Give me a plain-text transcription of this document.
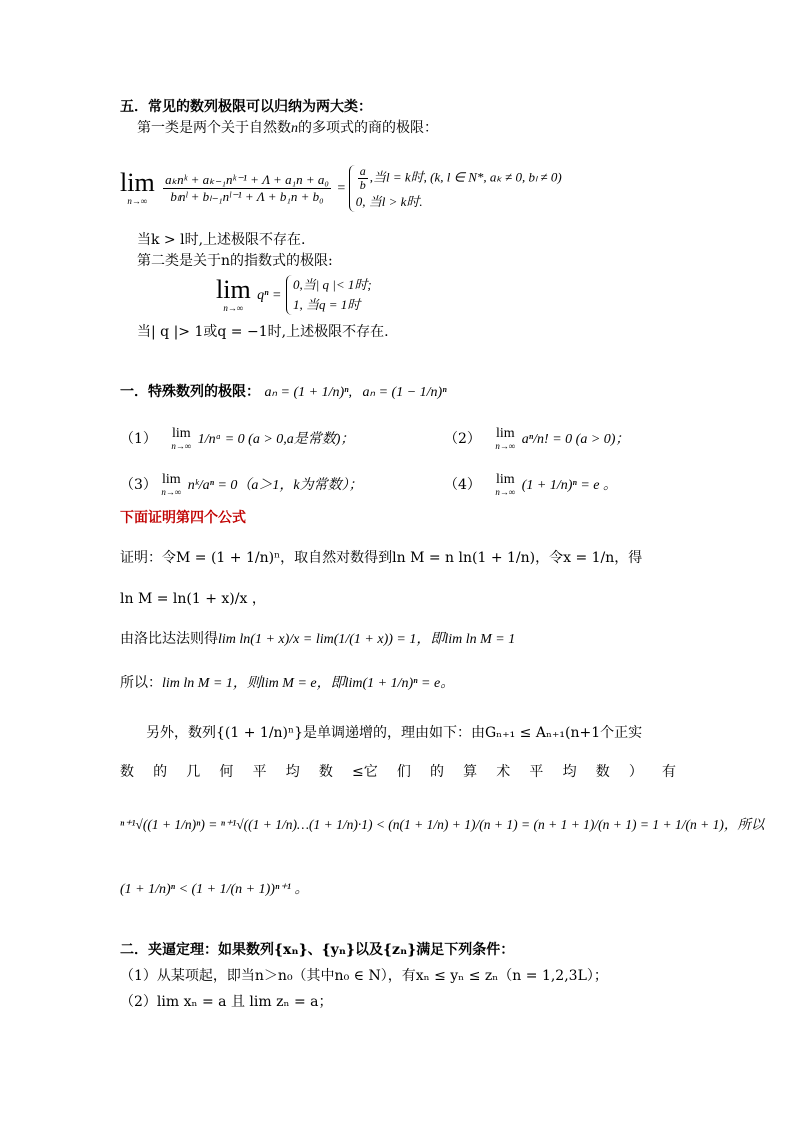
五．常见的数列极限可以归纳为两大类：
第一类是两个关于自然数n的多项式的商的极限：
lim
n→∞
$\frac{\text{aₖnᵏ + aₖ₋₁nᵏ⁻¹ + Λ + a₁n + a₀}}{\text{bₗnˡ + bₗ₋₁nˡ⁻¹ + Λ + b₁n + b₀}} = \frac{a}{b}$ ,当l = k时, (k, l ∈ N*, aₖ ≠ 0, bₗ ≠ 0)
0, 当l > k时.
当k > l时,上述极限不存在.
第二类是关于n的指数式的极限:
lim
n→∞
qⁿ =
0,当| q |< 1时;
1, 当q = 1时
当| q |> 1或q = −1时,上述极限不存在.
一．特殊数列的极限： aₙ = (1 + 1/n)ⁿ, aₙ = (1 − 1/n)ⁿ
（1） lim
n→∞ 1/nᵃ = 0 (a > 0,a是常数)；	（2） lim
n→∞ aⁿ/n! = 0 (a > 0)；
（3） lim
n→∞ nᵏ/aⁿ = 0（a＞1，k为常数）；	（4） lim
n→∞ (1 + 1/n)ⁿ = e 。
下面证明第四个公式
证明：令M = (1 + 1/n)ⁿ，取自然对数得到ln M = n ln(1 + 1/n)，令x = 1/n，得
ln M = ln(1 + x)/x ，
由洛比达法则得lim ln(1 + x)/x = lim(1/(1 + x)) = 1，即lim ln M = 1
所以：lim ln M = 1，则lim M = e，即lim(1 + 1/n)ⁿ = e。
另外，数列{(1 + 1/n)ⁿ}是单调递增的，理由如下：由Gₙ₊₁ ≤ Aₙ₊₁(n+1个正实
数 的 几 何 平 均 数 ≤它 们 的 算 术 平 均 数 ） 有
ⁿ⁺¹√((1 + 1/n)ⁿ) = ⁿ⁺¹√((1 + 1/n)…(1 + 1/n)·1) < (n(1 + 1/n) + 1)/(n + 1) = (n + 1 + 1)/(n + 1) = 1 + 1/(n + 1)，所以
(1 + 1/n)ⁿ < (1 + 1/(n + 1))ⁿ⁺¹ 。
二．夹逼定理：如果数列{xₙ}、{yₙ}以及{zₙ}满足下列条件：
（1）从某项起，即当n＞n₀（其中n₀ ∈ N），有xₙ ≤ yₙ ≤ zₙ（n = 1,2,3L）；
（2）lim xₙ = a 且 lim zₙ = a；
